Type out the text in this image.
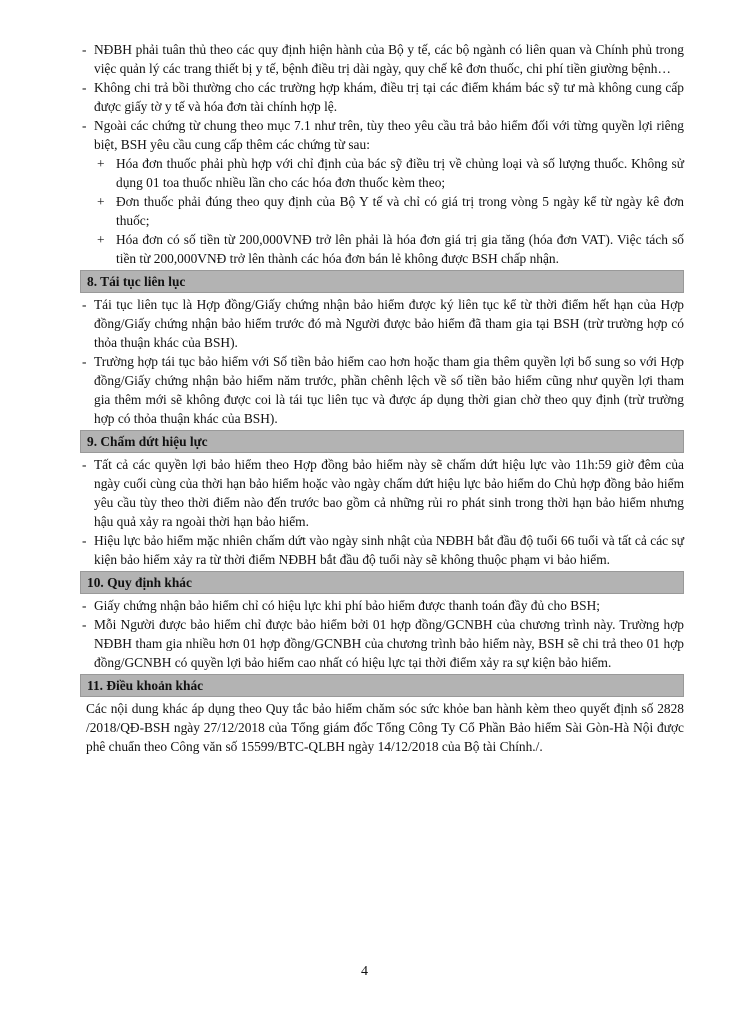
- NĐBH phải tuân thủ theo các quy định hiện hành của Bộ y tế, các bộ ngành có liên quan và Chính phủ trong việc quản lý các trang thiết bị y tế, bệnh điều trị dài ngày, quy chế kê đơn thuốc, chi phí tiền giường bệnh…

- Không chi trả bồi thường cho các trường hợp khám, điều trị tại các điểm khám bác sỹ tư mà không cung cấp được giấy tờ y tế và hóa đơn tài chính hợp lệ.

- Ngoài các chứng từ chung theo mục 7.1 như trên, tùy theo yêu cầu trả bảo hiểm đối với từng quyền lợi riêng biệt, BSH yêu cầu cung cấp thêm các chứng từ sau:

+ Hóa đơn thuốc phải phù hợp với chỉ định của bác sỹ điều trị về chủng loại và số lượng thuốc. Không sử dụng 01 toa thuốc nhiều lần cho các hóa đơn thuốc kèm theo;

+ Đơn thuốc phải đúng theo quy định của Bộ Y tế và chỉ có giá trị trong vòng 5 ngày kể từ ngày kê đơn thuốc;

+ Hóa đơn có số tiền từ 200,000VNĐ trở lên phải là hóa đơn giá trị gia tăng (hóa đơn VAT). Việc tách số tiền từ 200,000VNĐ trở lên thành các hóa đơn bán lẻ không được BSH chấp nhận.

8. Tái tục liên lục

- Tái tục liên tục là Hợp đồng/Giấy chứng nhận bảo hiểm được ký liên tục kể từ thời điểm hết hạn của Hợp đồng/Giấy chứng nhận bảo hiểm trước đó mà Người được bảo hiểm đã tham gia tại BSH (trừ trường hợp có thỏa thuận khác của BSH).

- Trường hợp tái tục bảo hiểm với Số tiền bảo hiểm cao hơn hoặc tham gia thêm quyền lợi bổ sung so với Hợp đồng/Giấy chứng nhận bảo hiểm năm trước, phần chênh lệch về số tiền bảo hiểm cũng như quyền lợi tham gia thêm mới sẽ không được coi là tái tục liên tục và được áp dụng thời gian chờ theo quy định (trừ trường hợp có thỏa thuận khác của BSH).

9. Chấm dứt hiệu lực

- Tất cả các quyền lợi bảo hiểm theo Hợp đồng bảo hiểm này sẽ chấm dứt hiệu lực vào 11h:59 giờ đêm của ngày cuối cùng của thời hạn bảo hiểm hoặc vào ngày chấm dứt hiệu lực bảo hiểm do Chủ hợp đồng bảo hiểm yêu cầu tùy theo thời điểm nào đến trước bao gồm cả những rủi ro phát sinh trong thời hạn bảo hiểm nhưng hậu quả xảy ra ngoài thời hạn bảo hiểm.

- Hiệu lực bảo hiểm mặc nhiên chấm dứt vào ngày sinh nhật của NĐBH bắt đầu độ tuổi 66 tuổi và tất cả các sự kiện bảo hiểm xảy ra từ thời điểm NĐBH bắt đầu độ tuổi này sẽ không thuộc phạm vi bảo hiểm.

10. Quy định khác

- Giấy chứng nhận bảo hiểm chỉ có hiệu lực khi phí bảo hiểm được thanh toán đầy đủ cho BSH;

- Mỗi Người được bảo hiểm chỉ được bảo hiểm bởi 01 hợp đồng/GCNBH của chương trình này. Trường hợp NĐBH tham gia nhiều hơn 01 hợp đồng/GCNBH của chương trình bảo hiểm này, BSH sẽ chi trả theo 01 hợp đồng/GCNBH có quyền lợi bảo hiểm cao nhất có hiệu lực tại thời điểm xảy ra sự kiện bảo hiểm.

11. Điều khoản khác

Các nội dung khác áp dụng theo Quy tắc bảo hiểm chăm sóc sức khỏe ban hành kèm theo quyết định số 2828 /2018/QĐ-BSH ngày 27/12/2018 của Tổng giám đốc Tổng Công Ty Cổ Phần Bảo hiểm Sài Gòn-Hà Nội được phê chuẩn theo Công văn số 15599/BTC-QLBH ngày 14/12/2018 của Bộ tài Chính./.

4
